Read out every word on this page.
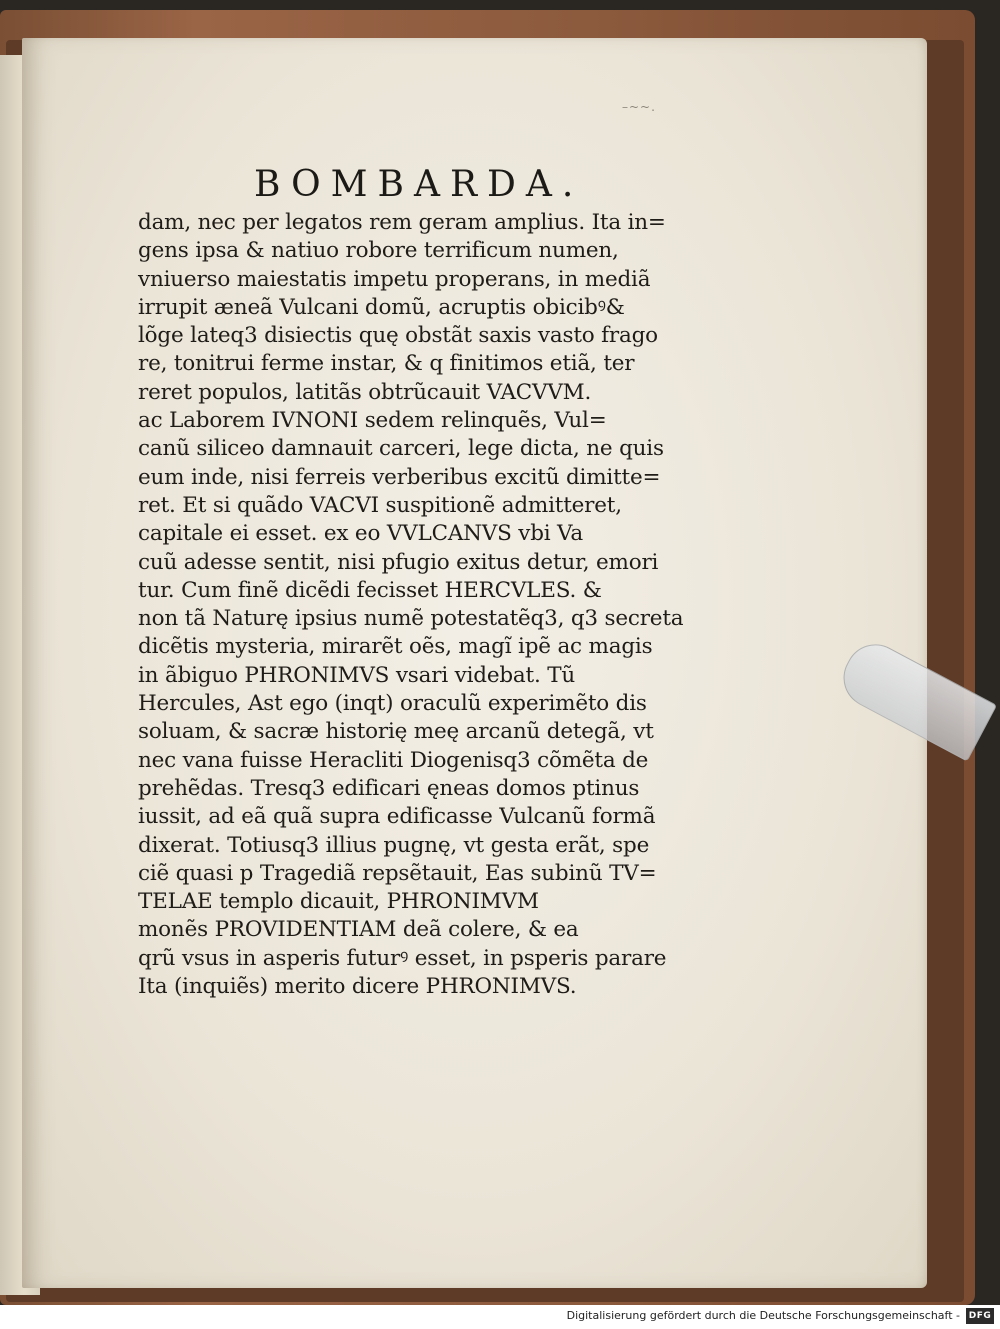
–~~.
BOMBARDA.
dam, nec per legatos rem geram amplius. Ita in=
gens ipsa & natiuo robore terrificum numen,
vniuerso maiestatis impetu properans, in mediã
irrupit æneã Vulcani domũ, acruptis obicibꝰ&
lõge lateq3 disiectis quę obstãt saxis vasto frago
re, tonitrui ferme instar, & q finitimos etiã, ter
reret populos, latitãs obtrũcauit VACVVM.
ac Laborem IVNONI sedem relinquẽs, Vul=
canũ siliceo damnauit carceri, lege dicta, ne quis
eum inde, nisi ferreis verberibus excitũ dimitte=
ret. Et si quãdo VACVI suspitionẽ admitteret,
capitale ei esset. ex eo VVLCANVS vbi Va
cuũ adesse sentit, nisi pfugio exitus detur, emori
tur. Cum finẽ dicẽdi fecisset HERCVLES. &
non tã Naturę ipsius numẽ potestatẽq3, q3 secreta
dicẽtis mysteria, mirarẽt oẽs, magĩ ipẽ ac magis
in ãbiguo PHRONIMVS vsari videbat. Tũ
Hercules, Ast ego (inqt) oraculũ experimẽto dis
soluam, & sacræ historię meę arcanũ detegã, vt
nec vana fuisse Heracliti Diogenisq3 cõmẽta de
prehẽdas. Tresq3 edificari ęneas domos ptinus
iussit, ad eã quã supra edificasse Vulcanũ formã
dixerat. Totiusq3 illius pugnę, vt gesta erãt, spe
ciẽ quasi p Tragediã repsẽtauit, Eas subinũ TV=
TELAE templo dicauit, PHRONIMVM
monẽs PROVIDENTIAM deã colere, & ea
qrũ vsus in asperis futurꝰ esset, in psperis parare
Ita (inquiẽs) merito dicere PHRONIMVS.
Digitalisierung gefördert durch die Deutsche Forschungsgemeinschaft - DFG
